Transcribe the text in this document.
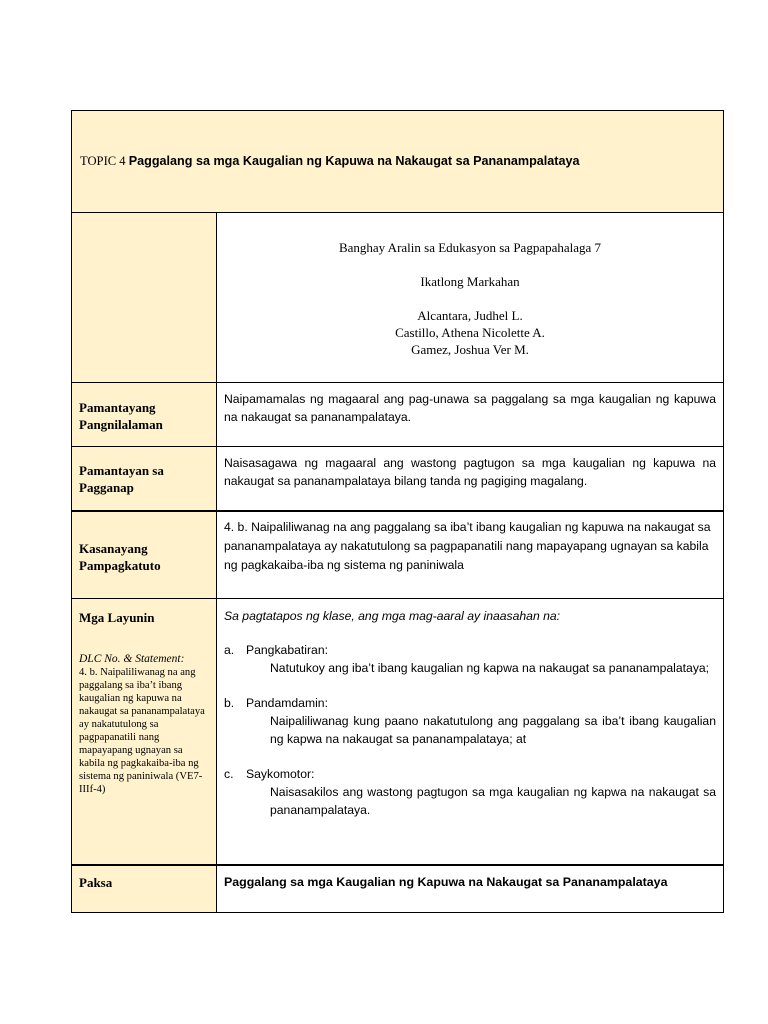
TOPIC 4 Paggalang sa mga Kaugalian ng Kapuwa na Nakaugat sa Pananampalataya
Banghay Aralin sa Edukasyon sa Pagpapahalaga 7
Ikatlong Markahan
Alcantara, Judhel L.
Castillo, Athena Nicolette A.
Gamez, Joshua Ver M.
Pamantayang Pangnilalaman
Naipamamalas ng magaaral ang pag-unawa sa paggalang sa mga kaugalian ng kapuwa na nakaugat sa pananampalataya.
Pamantayan sa Pagganap
Naisasagawa ng magaaral ang wastong pagtugon sa mga kaugalian ng kapuwa na nakaugat sa pananampalataya bilang tanda ng pagiging magalang.
Kasanayang Pampagkatuto
4. b. Naipaliliwanag na ang paggalang sa iba’t ibang kaugalian ng kapuwa na nakaugat sa pananampalataya ay nakatutulong sa pagpapanatili nang mapayapang ugnayan sa kabila ng pagkakaiba-iba ng sistema ng paniniwala
Mga Layunin
DLC No. & Statement:
4. b. Naipaliliwanag na ang paggalang sa iba’t ibang kaugalian ng kapuwa na nakaugat sa pananampalataya ay nakatutulong sa pagpapanatili nang mapayapang ugnayan sa kabila ng pagkakaiba-iba ng sistema ng paniniwala (VE7-IIIf-4)
Sa pagtatapos ng klase, ang mga mag-aaral ay inaasahan na:
a. Pangkabatiran:
Natutukoy ang iba’t ibang kaugalian ng kapwa na nakaugat sa pananampalataya;
b. Pandamdamin:
Naipaliliwanag kung paano nakatutulong ang paggalang sa iba’t ibang kaugalian ng kapwa na nakaugat sa pananampalataya; at
c. Saykomotor:
Naisasakilos ang wastong pagtugon sa mga kaugalian ng kapwa na nakaugat sa pananampalataya.
Paksa	Paggalang sa mga Kaugalian ng Kapuwa na Nakaugat sa Pananampalataya
